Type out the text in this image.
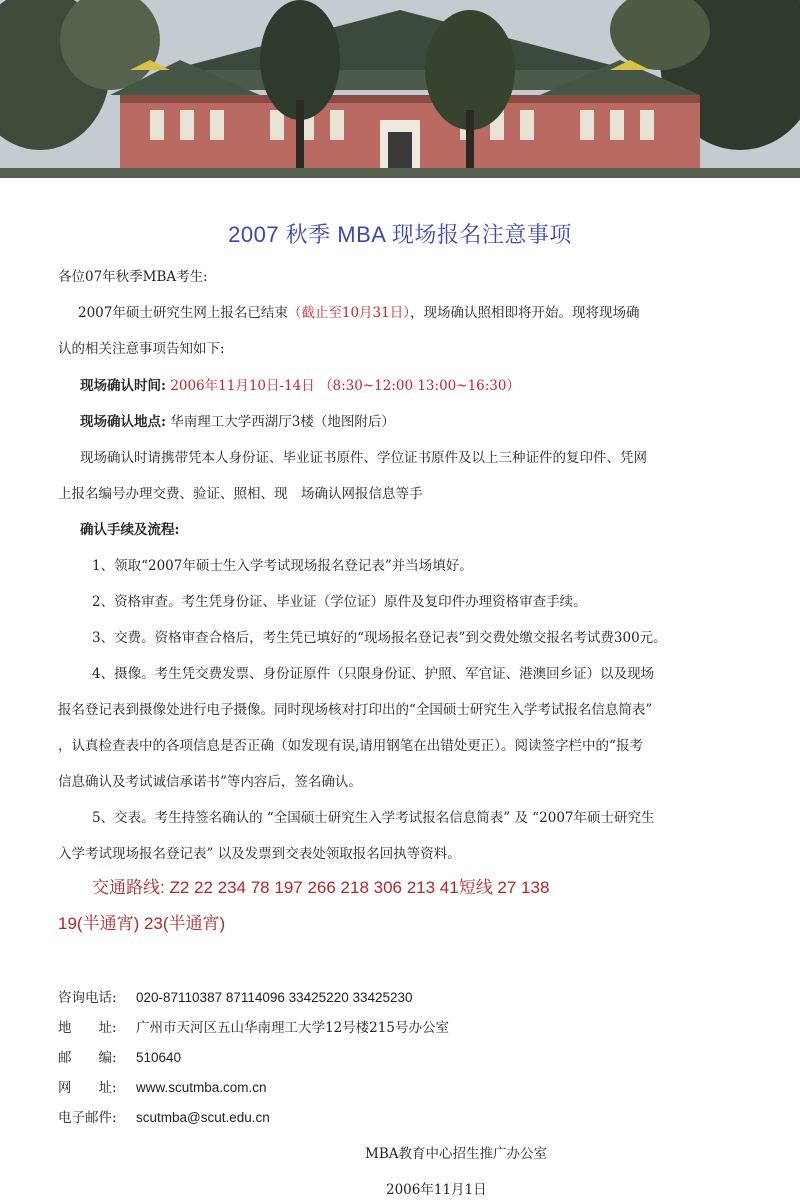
2007 秋季 MBA 现场报名注意事项
各位07年秋季MBA考生:
2007年硕士研究生网上报名已结束（截止至10月31日），现场确认照相即将开始。现将现场确
认的相关注意事项告知如下:
现场确认时间: 2006年11月10日-14日 （8:30~12:00 13:00~16:30）
现场确认地点: 华南理工大学西湖厅3楼（地图附后）
现场确认时请携带凭本人身份证、毕业证书原件、学位证书原件及以上三种证件的复印件、凭网
上报名编号办理交费、验证、照相、现　场确认网报信息等手
确认手续及流程:
1、领取“2007年硕士生入学考试现场报名登记表”并当场填好。
2、资格审查。考生凭身份证、毕业证（学位证）原件及复印件办理资格审查手续。
3、交费。资格审查合格后，考生凭已填好的“现场报名登记表”到交费处缴交报名考试费300元。
4、摄像。考生凭交费发票、身份证原件（只限身份证、护照、军官证、港澳回乡证）以及现场
报名登记表到摄像处进行电子摄像。同时现场核对打印出的“全国硕士研究生入学考试报名信息简表”
，认真检查表中的各项信息是否正确（如发现有误,请用钢笔在出错处更正）。阅读签字栏中的“报考
信息确认及考试诚信承诺书”等内容后，签名确认。
5、交表。考生持签名确认的 “全国硕士研究生入学考试报名信息简表” 及 “2007年硕士研究生
入学考试现场报名登记表” 以及发票到交表处领取报名回执等资料。
交通路线: Z2 22 234 78 197 266 218 306 213 41短线 27 138
19(半通宵) 23(半通宵)
咨询电话: 020-87110387 87114096 33425220 33425230
地　　址: 广州市天河区五山华南理工大学12号楼215号办公室
邮　　编: 510640
网　　址: www.scutmba.com.cn
电子邮件: scutmba@scut.edu.cn
MBA教育中心招生推广办公室
2006年11月1日
